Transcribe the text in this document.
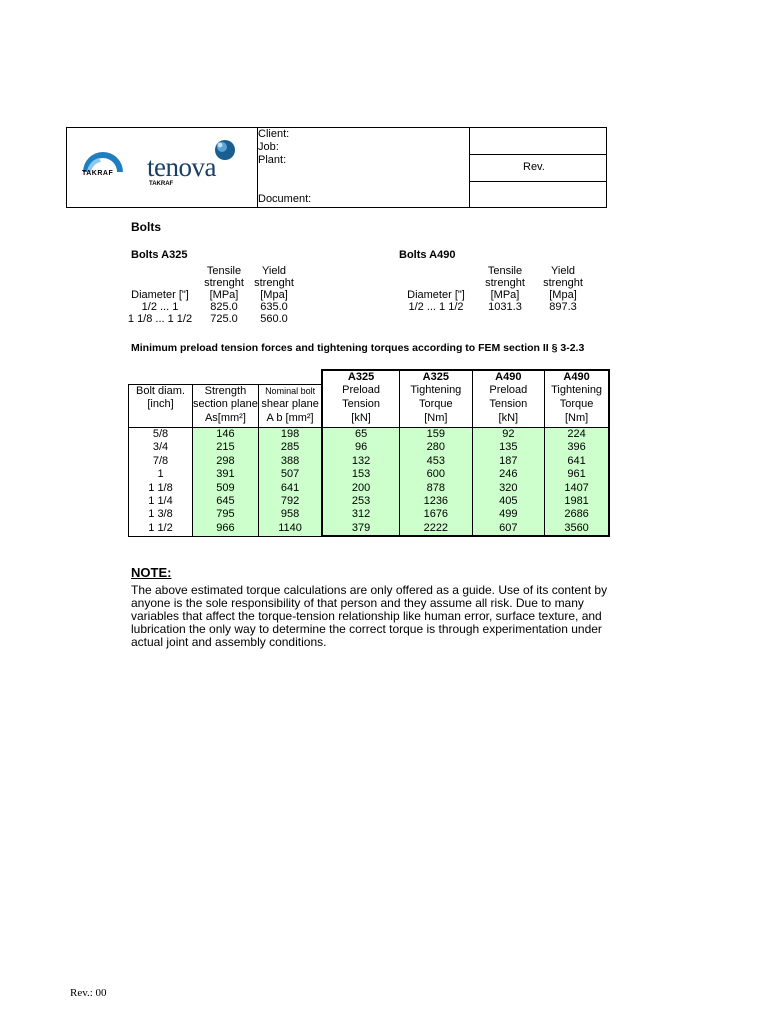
Client:
Job:
Plant:
Document:
Rev.
TAKRAF tenova
TAKRAF
Bolts
Bolts A325
	Tensile	Yield
	strenght	strenght
Diameter ["]	[MPa]	[Mpa]
1/2 ... 1	825.0	635.0
1 1/8 ... 1 1/2	725.0	560.0
Bolts A490
	Tensile	Yield
	strenght	strenght
Diameter ["]	[MPa]	[Mpa]
1/2 ... 1 1/2	1031.3	897.3
Minimum preload tension forces and tightening torques according to FEM section II § 3-2.3
			A325	A325	A490	A490
Bolt diam.	Strength	Nominal bolt	Preload	Tightening	Preload	Tightening
[inch]	section plane	shear plane	Tension	Torque	Tension	Torque
	As[mm²]	A b [mm²]	[kN]	[Nm]	[kN]	[Nm]
5/8	146	198	65	159	92	224
3/4	215	285	96	280	135	396
7/8	298	388	132	453	187	641
1	391	507	153	600	246	961
1 1/8	509	641	200	878	320	1407
1 1/4	645	792	253	1236	405	1981
1 3/8	795	958	312	1676	499	2686
1 1/2	966	1140	379	2222	607	3560
NOTE:
The above estimated torque calculations are only offered as a guide. Use of its content by anyone is the sole responsibility of that person and they assume all risk. Due to many variables that affect the torque-tension relationship like human error, surface texture, and lubrication the only way to determine the correct torque is through experimentation under actual joint and assembly conditions.
Rev.: 00
